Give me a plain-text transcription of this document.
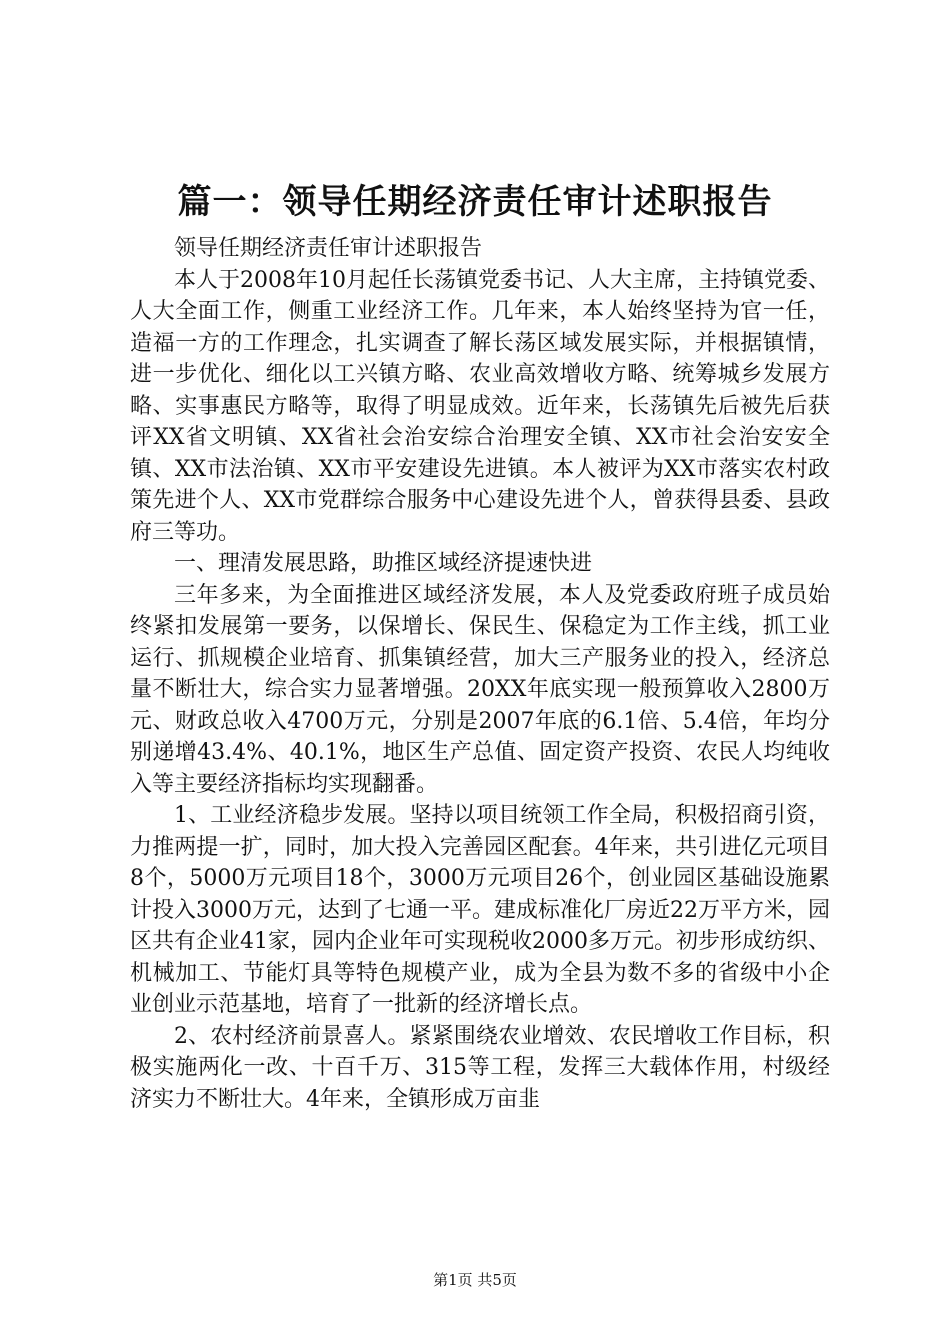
篇一：领导任期经济责任审计述职报告

领导任期经济责任审计述职报告

本人于2008年10月起任长荡镇党委书记、人大主席，主持镇党委、人大全面工作，侧重工业经济工作。几年来，本人始终坚持为官一任，造福一方的工作理念，扎实调查了解长荡区域发展实际，并根据镇情，进一步优化、细化以工兴镇方略、农业高效增收方略、统筹城乡发展方略、实事惠民方略等，取得了明显成效。近年来，长荡镇先后被先后获评XX省文明镇、XX省社会治安综合治理安全镇、XX市社会治安安全镇、XX市法治镇、XX市平安建设先进镇。本人被评为XX市落实农村政策先进个人、XX市党群综合服务中心建设先进个人，曾获得县委、县政府三等功。

一、理清发展思路，助推区域经济提速快进

三年多来，为全面推进区域经济发展，本人及党委政府班子成员始终紧扣发展第一要务，以保增长、保民生、保稳定为工作主线，抓工业运行、抓规模企业培育、抓集镇经营，加大三产服务业的投入，经济总量不断壮大，综合实力显著增强。20XX年底实现一般预算收入2800万元、财政总收入4700万元，分别是2007年底的6.1倍、5.4倍，年均分别递增43.4%、40.1%，地区生产总值、固定资产投资、农民人均纯收入等主要经济指标均实现翻番。

1、工业经济稳步发展。坚持以项目统领工作全局，积极招商引资，力推两提一扩，同时，加大投入完善园区配套。4年来，共引进亿元项目8个，5000万元项目18个，3000万元项目26个，创业园区基础设施累计投入3000万元，达到了七通一平。建成标准化厂房近22万平方米，园区共有企业41家，园内企业年可实现税收2000多万元。初步形成纺织、机械加工、节能灯具等特色规模产业，成为全县为数不多的省级中小企业创业示范基地，培育了一批新的经济增长点。

2、农村经济前景喜人。紧紧围绕农业增效、农民增收工作目标，积极实施两化一改、十百千万、315等工程，发挥三大载体作用，村级经济实力不断壮大。4年来，全镇形成万亩韭

第1页 共5页
